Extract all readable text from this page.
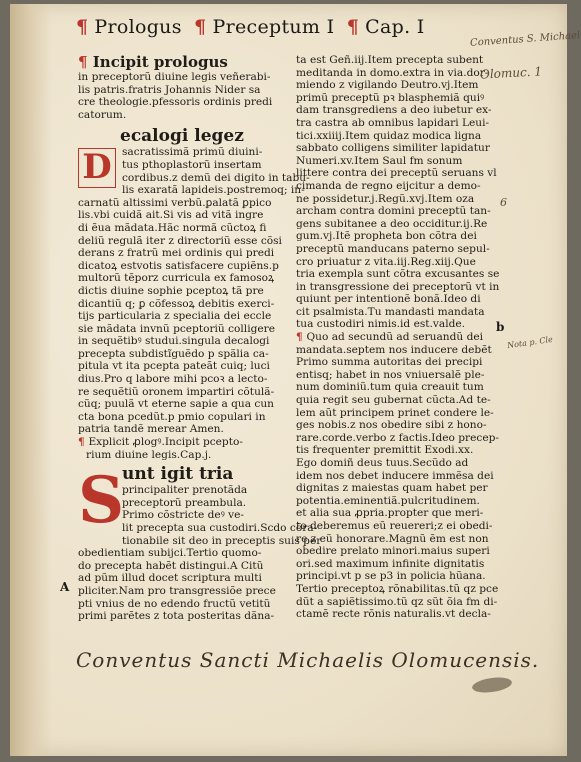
¶ Prologus ¶ Preceptum I ¶ Cap. I
¶ Incipit prologus
in preceptorũ diuine legis veñerabi-
lis patris.fratris Johannis Nider sa
cre theologie.pfessoris ordinis predi
catorum.
ecalogi legez
D sacratissimã primũ diuini-
tus pthoplastorũ insertam
cordibus.z demũ dei digito in tabu-
lis exaratã lapideis.postremoq; in-
carnatũ altissimi verbũ.ꝑalatã ꝑpico
lis.vbi cuidã ait.Si vis ad vitã ingre
di ẽua mãdata.Hãc normã cũctoꝝ fi
deliũ regulã iter z directoriũ esse cõsi
derans z fratrũ mei ordinis qui predi
dicatoꝝ estvotis satisfacere cupiẽns.p
multorũ tẽporz curricula ex famosoꝝ
dictis diuine sophie pceptoꝝ tã pre
dicantiũ q; ꝑ cõfessoꝝ debitis exerci-
tijs particularia z specialia dei eccle
sie mãdata invnũ pceptoriũ colligere
in sequẽtibꝰ studui.singula decalogi
precepta subdistĩguẽdo p spãlia ca-
pitula vt ita pcepta pateãt cuiq; luci
dius.Pro q labore mihi pcoꝛ a lecto-
re sequẽtiũ oronem impartiri cõtulã-
cũq; puulã vt eterne sapie a qua cun
cta bona pcedũt.p pmio copulari in
patria tandẽ merear Amen.
¶ Explicit ꝓlogꝰ.Incipit pcepto-
rium diuine legis.Cap.j.
S
unt igit tria
principaliter prenotãda
preceptorũ preambula.
Primo cõstricte deꝰ ve-
lit precepta sua custodiri.Scdo cõra-
tionabile sit deo in preceptis suis per
obedientiam subijci.Tertio quomo-
do precepta habẽt distingui.A Citũ
ad pũm illud docet scriptura multi
pliciter.Nam pro transgressiõe prece
pti vnius de no edendo fructũ vetitũ
primi parẽtes z tota posteritas dãna-
ta est Geñ.iij.Item precepta subent
meditanda in domo.extra in via.dor-
miendo z vigilando Deutro.vj.Item
primũ preceptũ pꝛ blasphemiã quiꝰ
dam transgrediens a deo iubetur ex-
tra castra ab omnibus lapidari Leui-
tici.xxiiij.Item quidaz modica ligna
sabbato colligens similiter lapidatur
Numeri.xv.Item Saul fm sonum
littere contra dei preceptũ seruans vl
cimanda de regno eijcitur a demo-
ne possidetur.j.Regũ.xvj.Item oza
archam contra domini preceptũ tan-
gens subitanee a deo occiditur.ij.Re
gum.vj.Itẽ propheta bon cõtra dei
preceptũ manducans paterno sepul-
cro priuatur z vita.iij.Reg.xiij.Que
tria exempla sunt cõtra excusantes se
in transgressione dei preceptorũ vt in
quiunt per intentionẽ bonã.Ideo di
cit psalmista.Tu mandasti mandata
tua custodiri nimis.id est.valde.
¶ Quo ad secundũ ad seruandũ dei
mandata.septem nos inducere debẽt
Primo summa autoritas dei precipi
entisq; habet in nos vniuersalẽ ple-
num dominiũ.tum quia creauit tum
quia regit seu gubernat cũcta.Ad te-
lem aũt principem prinet condere le-
ges nobis.z nos obedire sibi z hono-
rare.corde.verbo z factis.Ideo precep-
tis frequenter premittit Exodi.xx.
Ego domiñ deus tuus.Secũdo ad
idem nos debet inducere immẽsa dei
dignitas z maiestas quam habet per
potentia.eminentiã.pulcritudinem.
et alia sua ꝓpria.propter que meri-
to deberemus eũ reuereri;z ei obedi-
re z eũ honorare.Magnũ ẽm est non
obedire prelato minori.maius superi
ori.sed maximum infinite dignitatis
principi.vt p se p3 in policia hũana.
Tertio preceptoꝝ rõnabilitas.tũ qz pce
dũt a sapiẽtissimo.tũ qz sũt õia fm di-
ctamẽ recte rõnis naturalis.vt decla-
Conventus S. Michael
Olomuc. 1
6
b
Nota p. Cle
A
Conventus Sancti Michaelis Olomucensis.
